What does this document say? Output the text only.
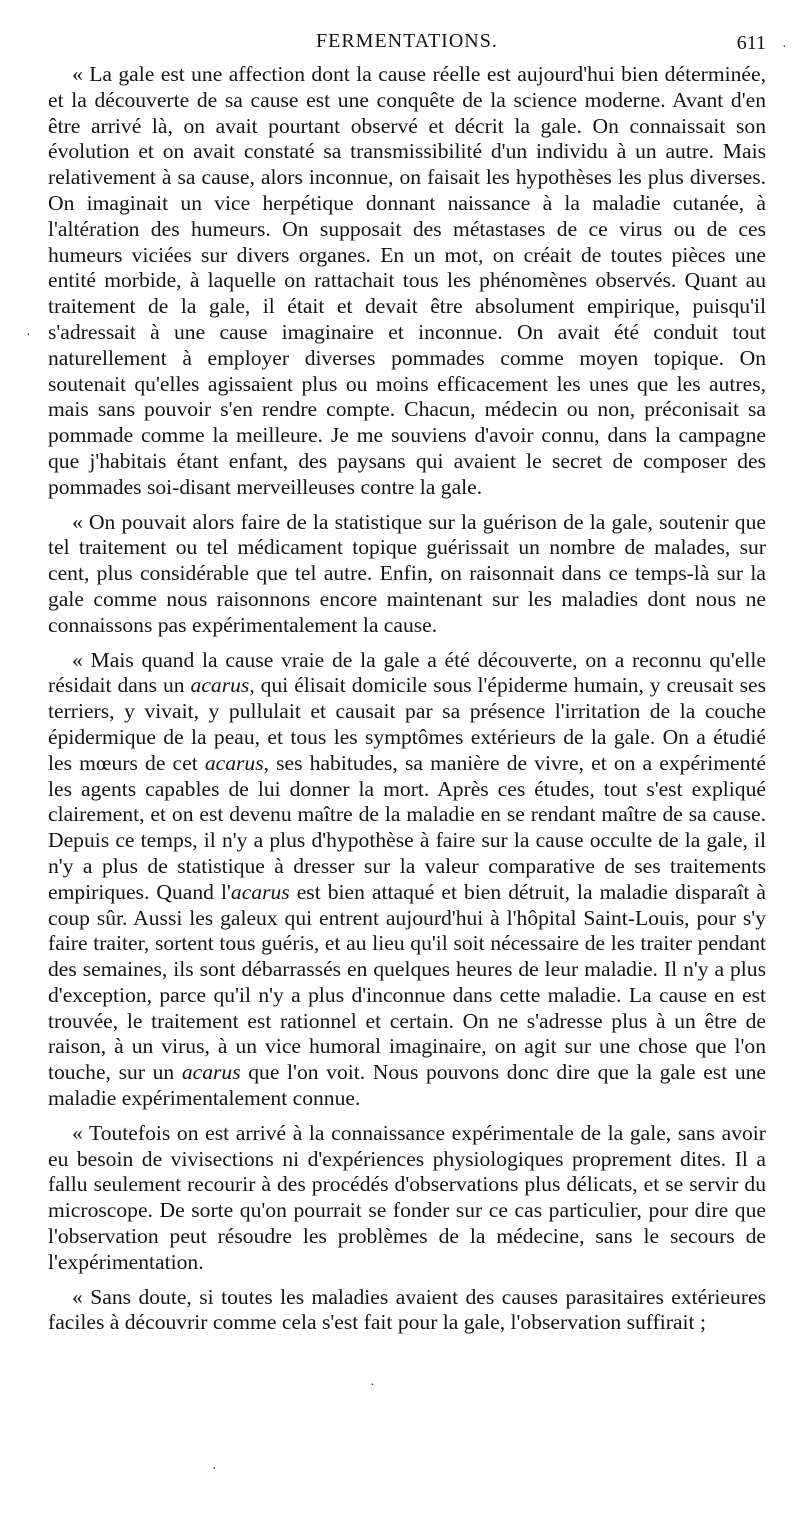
FERMENTATIONS.	611

« La gale est une affection dont la cause réelle est aujourd'hui bien déterminée, et la découverte de sa cause est une conquête de la science moderne. Avant d'en être arrivé là, on avait pourtant observé et décrit la gale. On connaissait son évolution et on avait constaté sa transmissibilité d'un individu à un autre. Mais relativement à sa cause, alors inconnue, on faisait les hypothèses les plus diverses. On imaginait un vice herpétique donnant naissance à la maladie cutanée, à l'altération des humeurs. On supposait des métastases de ce virus ou de ces humeurs viciées sur divers organes. En un mot, on créait de toutes pièces une entité morbide, à laquelle on rattachait tous les phénomènes observés. Quant au traitement de la gale, il était et devait être absolument empirique, puisqu'il s'adressait à une cause imaginaire et inconnue. On avait été conduit tout naturellement à employer diverses pommades comme moyen topique. On soutenait qu'elles agissaient plus ou moins efficacement les unes que les autres, mais sans pouvoir s'en rendre compte. Chacun, médecin ou non, préconisait sa pommade comme la meilleure. Je me souviens d'avoir connu, dans la campagne que j'habitais étant enfant, des paysans qui avaient le secret de composer des pommades soi-disant merveilleuses contre la gale.

« On pouvait alors faire de la statistique sur la guérison de la gale, soutenir que tel traitement ou tel médicament topique guérissait un nombre de malades, sur cent, plus considérable que tel autre. Enfin, on raisonnait dans ce temps-là sur la gale comme nous raisonnons encore maintenant sur les maladies dont nous ne connaissons pas expérimentalement la cause.

« Mais quand la cause vraie de la gale a été découverte, on a reconnu qu'elle résidait dans un acarus, qui élisait domicile sous l'épiderme humain, y creusait ses terriers, y vivait, y pullulait et causait par sa présence l'irritation de la couche épidermique de la peau, et tous les symptômes extérieurs de la gale. On a étudié les mœurs de cet acarus, ses habitudes, sa manière de vivre, et on a expérimenté les agents capables de lui donner la mort. Après ces études, tout s'est expliqué clairement, et on est devenu maître de la maladie en se rendant maître de sa cause. Depuis ce temps, il n'y a plus d'hypothèse à faire sur la cause occulte de la gale, il n'y a plus de statistique à dresser sur la valeur comparative de ses traitements empiriques. Quand l'acarus est bien attaqué et bien détruit, la maladie disparaît à coup sûr. Aussi les galeux qui entrent aujourd'hui à l'hôpital Saint-Louis, pour s'y faire traiter, sortent tous guéris, et au lieu qu'il soit nécessaire de les traiter pendant des semaines, ils sont débarrassés en quelques heures de leur maladie. Il n'y a plus d'exception, parce qu'il n'y a plus d'inconnue dans cette maladie. La cause en est trouvée, le traitement est rationnel et certain. On ne s'adresse plus à un être de raison, à un virus, à un vice humoral imaginaire, on agit sur une chose que l'on touche, sur un acarus que l'on voit. Nous pouvons donc dire que la gale est une maladie expérimentalement connue.

« Toutefois on est arrivé à la connaissance expérimentale de la gale, sans avoir eu besoin de vivisections ni d'expériences physiologiques proprement dites. Il a fallu seulement recourir à des procédés d'observations plus délicats, et se servir du microscope. De sorte qu'on pourrait se fonder sur ce cas particulier, pour dire que l'observation peut résoudre les problèmes de la médecine, sans le secours de l'expérimentation.

« Sans doute, si toutes les maladies avaient des causes parasitaires extérieures faciles à découvrir comme cela s'est fait pour la gale, l'observation suffirait ;

·
·
·
·
